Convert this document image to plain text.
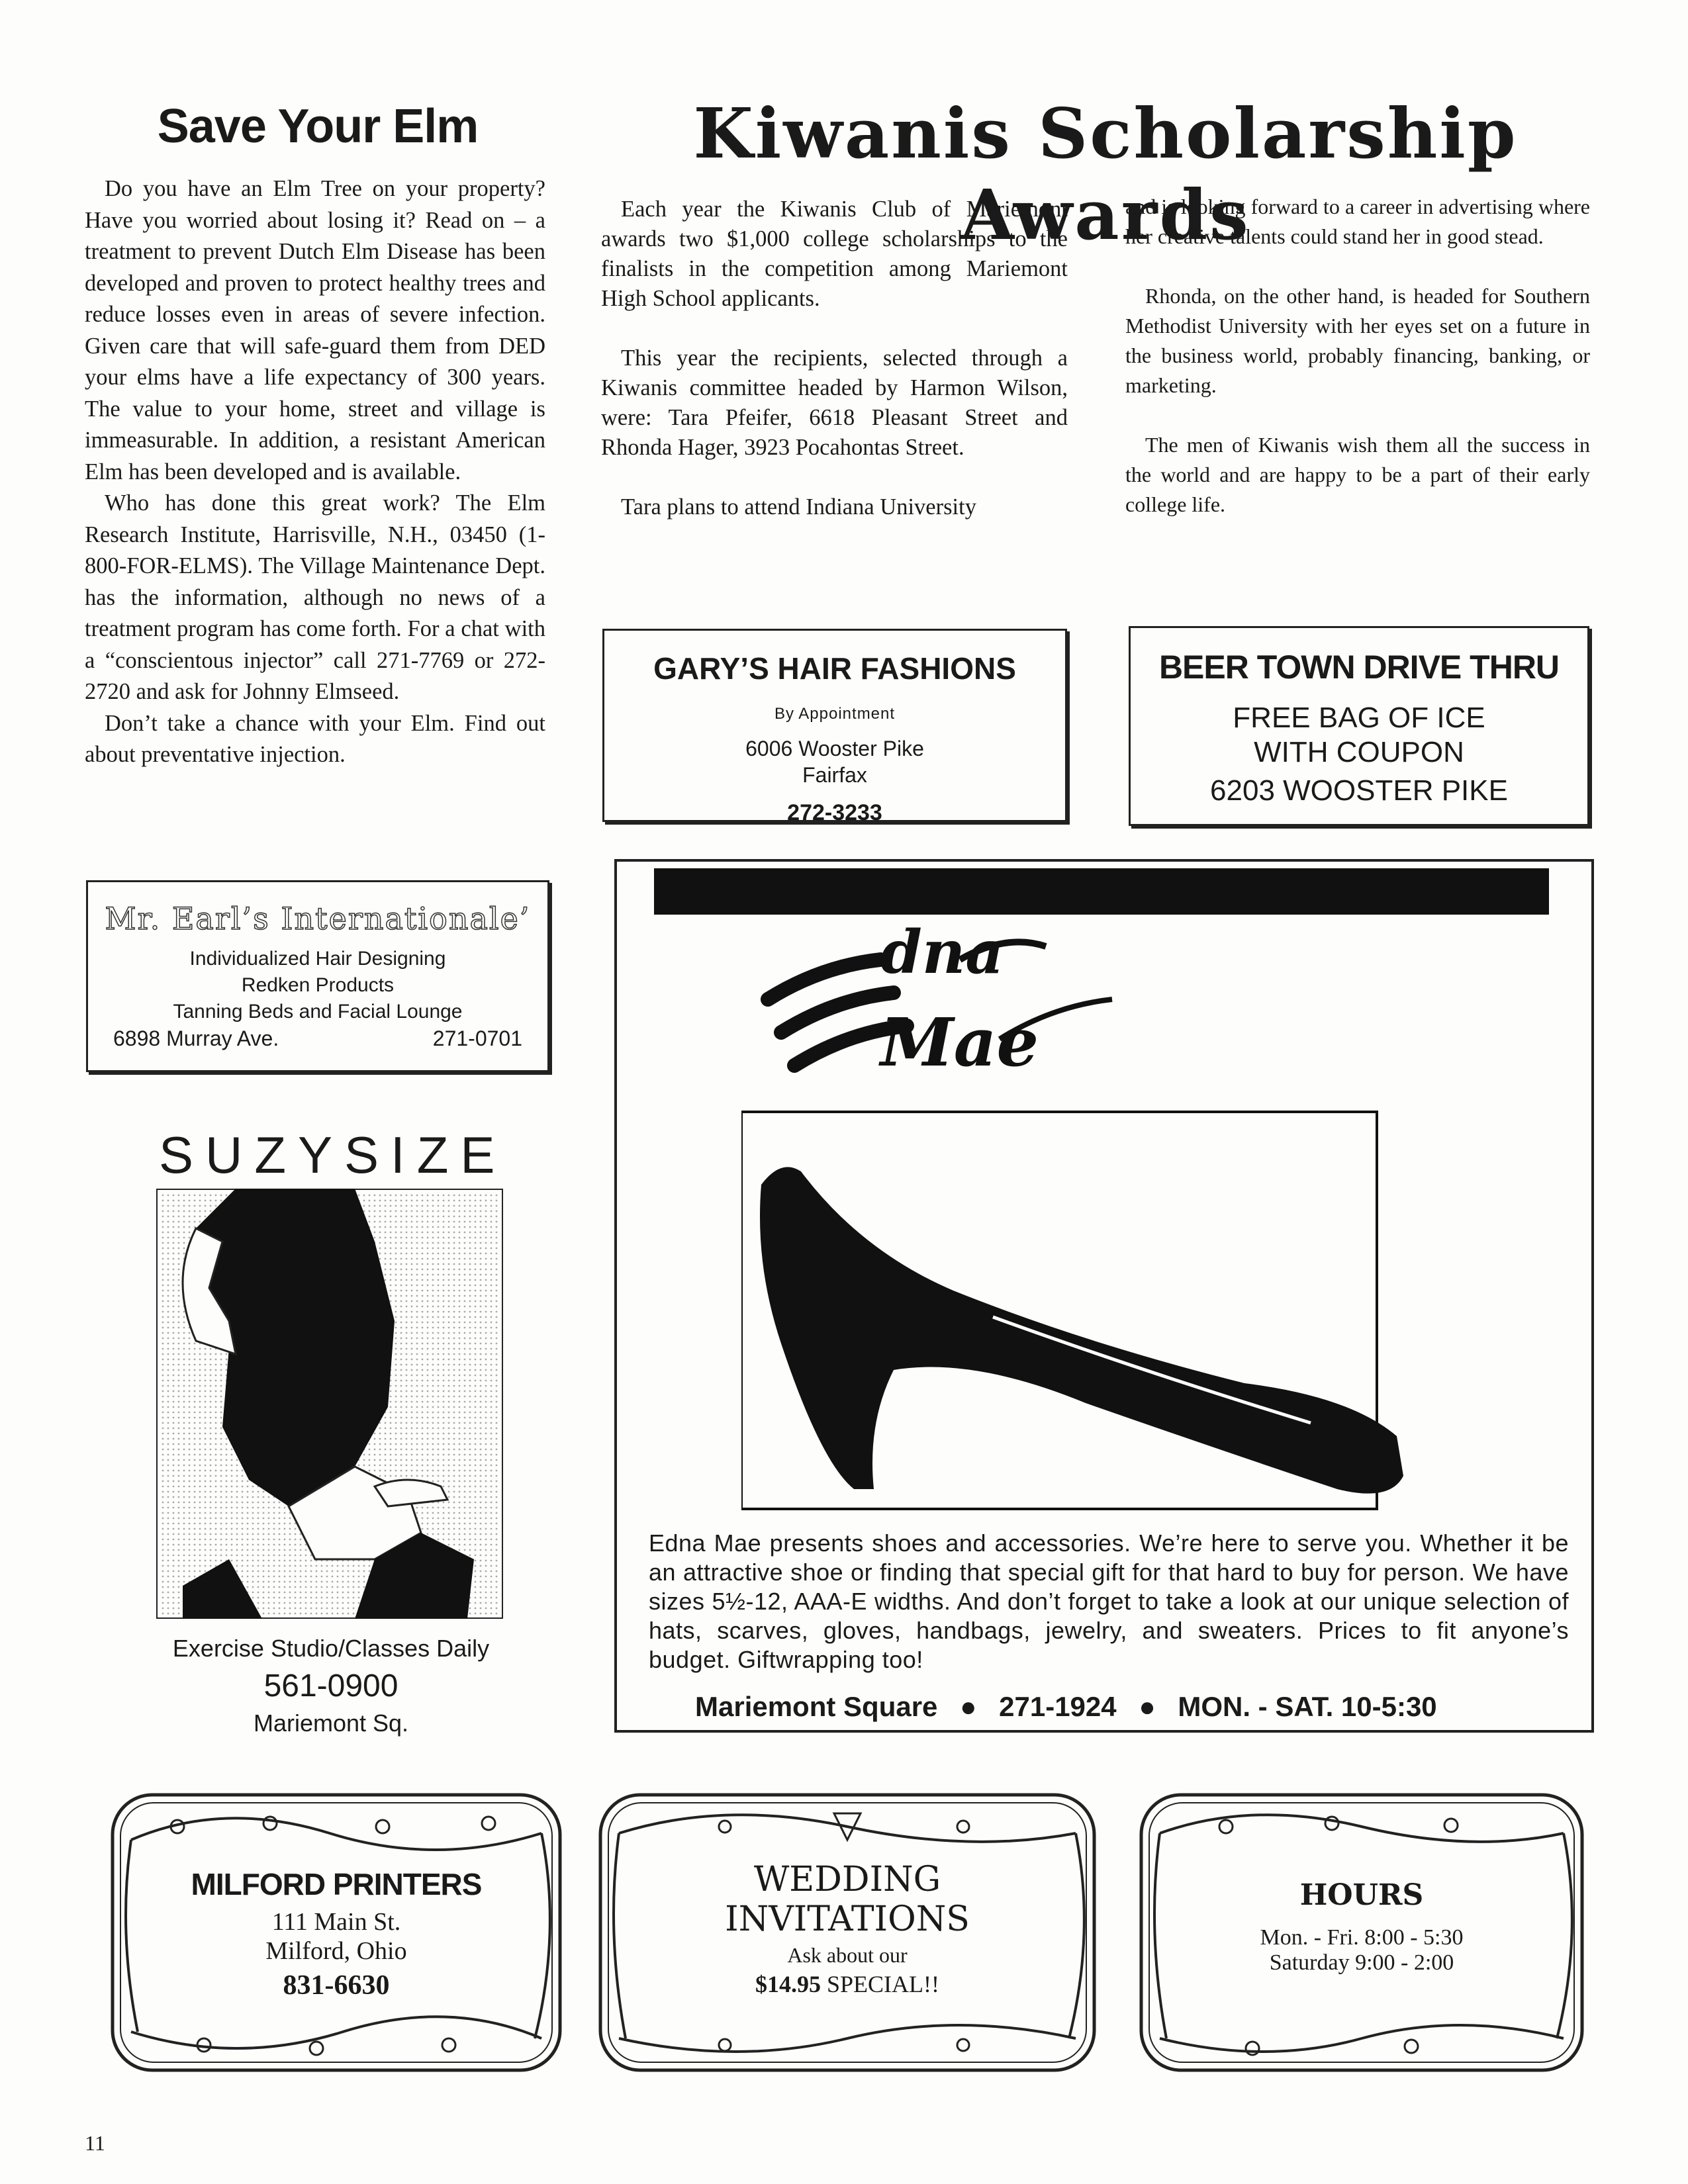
Save Your Elm

Do you have an Elm Tree on your property? Have you worried about losing it? Read on – a treatment to prevent Dutch Elm Disease has been developed and proven to protect healthy trees and reduce losses even in areas of severe infection. Given care that will safe-guard them from DED your elms have a life expectancy of 300 years. The value to your home, street and village is immeasurable. In addition, a resistant American Elm has been developed and is available.

Who has done this great work? The Elm Research Institute, Harrisville, N.H., 03450 (1-800-FOR-ELMS). The Village Maintenance Dept. has the information, although no news of a treatment program has come forth. For a chat with a “conscientous injector” call 271-7769 or 272-2720 and ask for Johnny Elmseed.

Don’t take a chance with your Elm. Find out about preventative injection.

Kiwanis Scholarship Awards

Each year the Kiwanis Club of Mariemont awards two $1,000 college scholarships to the finalists in the competition among Mariemont High School applicants.

This year the recipients, selected through a Kiwanis committee headed by Harmon Wilson, were: Tara Pfeifer, 6618 Pleasant Street and Rhonda Hager, 3923 Pocahontas Street.

Tara plans to attend Indiana University

and is looking forward to a career in advertising where her creative talents could stand her in good stead.

Rhonda, on the other hand, is headed for Southern Methodist University with her eyes set on a future in the business world, probably financing, banking, or marketing.

The men of Kiwanis wish them all the success in the world and are happy to be a part of their early college life.

GARY’S HAIR FASHIONS
By Appointment
6006 Wooster Pike
Fairfax
272-3233
BEER TOWN DRIVE THRU
FREE BAG OF ICE
WITH COUPON
6203 WOOSTER PIKE
Mr. Earl’s Internationale’
Individualized Hair Designing
Redken Products
Tanning Beds and Facial Lounge
6898 Murray Ave.	271-0701
SUZYSIZE
Exercise Studio/Classes Daily
561-0900
Mariemont Sq.
dna
Mae
Edna Mae presents shoes and accessories. We’re here to serve you. Whether it be an attractive shoe or finding that special gift for that hard to buy for person. We have sizes 5½-12, AAA-E widths. And don’t forget to take a look at our unique selection of hats, scarves, gloves, handbags, jewelry, and sweaters. Prices to fit anyone’s budget. Giftwrapping too!
Mariemont Square ● 271-1924 ● MON. - SAT. 10-5:30
MILFORD PRINTERS
111 Main St.
Milford, Ohio
831-6630
WEDDING
INVITATIONS
Ask about our
$14.95 SPECIAL!!
HOURS
Mon. - Fri. 8:00 - 5:30
Saturday 9:00 - 2:00
11
